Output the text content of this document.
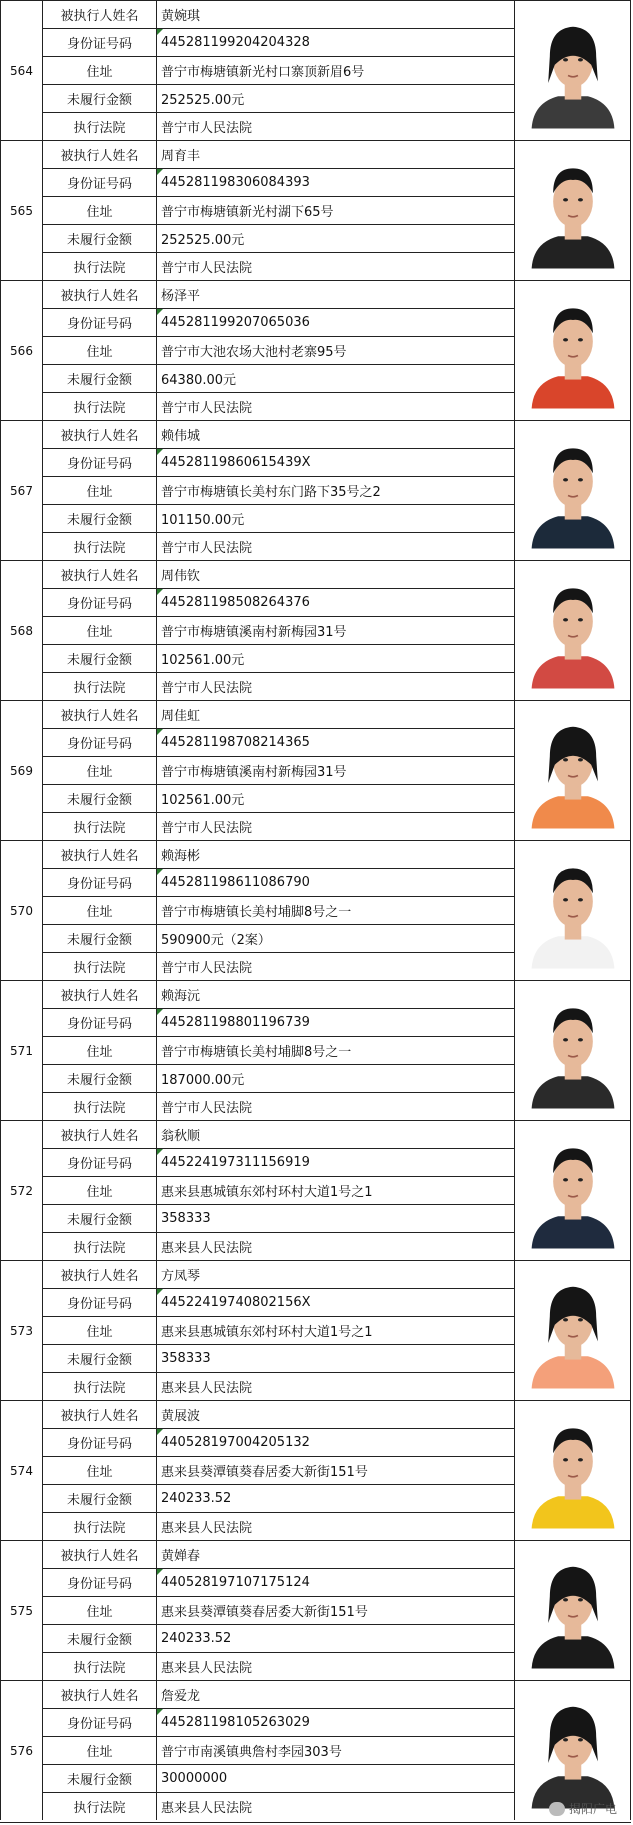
564
被执行人姓名	黄婉琪
身份证号码	445281199204204328
住址	普宁市梅塘镇新光村口寨顶新眉6号
未履行金额	252525.00元
执行法院	普宁市人民法院
565
被执行人姓名	周育丰
身份证号码	445281198306084393
住址	普宁市梅塘镇新光村湖下65号
未履行金额	252525.00元
执行法院	普宁市人民法院
566
被执行人姓名	杨泽平
身份证号码	445281199207065036
住址	普宁市大池农场大池村老寨95号
未履行金额	64380.00元
执行法院	普宁市人民法院
567
被执行人姓名	赖伟城
身份证号码	44528119860615439X
住址	普宁市梅塘镇长美村东门路下35号之2
未履行金额	101150.00元
执行法院	普宁市人民法院
568
被执行人姓名	周伟钦
身份证号码	445281198508264376
住址	普宁市梅塘镇溪南村新梅园31号
未履行金额	102561.00元
执行法院	普宁市人民法院
569
被执行人姓名	周佳虹
身份证号码	445281198708214365
住址	普宁市梅塘镇溪南村新梅园31号
未履行金额	102561.00元
执行法院	普宁市人民法院
570
被执行人姓名	赖海彬
身份证号码	445281198611086790
住址	普宁市梅塘镇长美村埔脚8号之一
未履行金额	590900元（2案）
执行法院	普宁市人民法院
571
被执行人姓名	赖海沅
身份证号码	445281198801196739
住址	普宁市梅塘镇长美村埔脚8号之一
未履行金额	187000.00元
执行法院	普宁市人民法院
572
被执行人姓名	翁秋顺
身份证号码	445224197311156919
住址	惠来县惠城镇东郊村环村大道1号之1
未履行金额	358333
执行法院	惠来县人民法院
573
被执行人姓名	方凤琴
身份证号码	44522419740802156X
住址	惠来县惠城镇东郊村环村大道1号之1
未履行金额	358333
执行法院	惠来县人民法院
574
被执行人姓名	黄展波
身份证号码	440528197004205132
住址	惠来县葵潭镇葵春居委大新街151号
未履行金额	240233.52
执行法院	惠来县人民法院
575
被执行人姓名	黄婵春
身份证号码	440528197107175124
住址	惠来县葵潭镇葵春居委大新街151号
未履行金额	240233.52
执行法院	惠来县人民法院
576
被执行人姓名	詹爱龙
身份证号码	445281198105263029
住址	普宁市南溪镇典詹村李园303号
未履行金额	30000000
执行法院	惠来县人民法院	揭阳广电
